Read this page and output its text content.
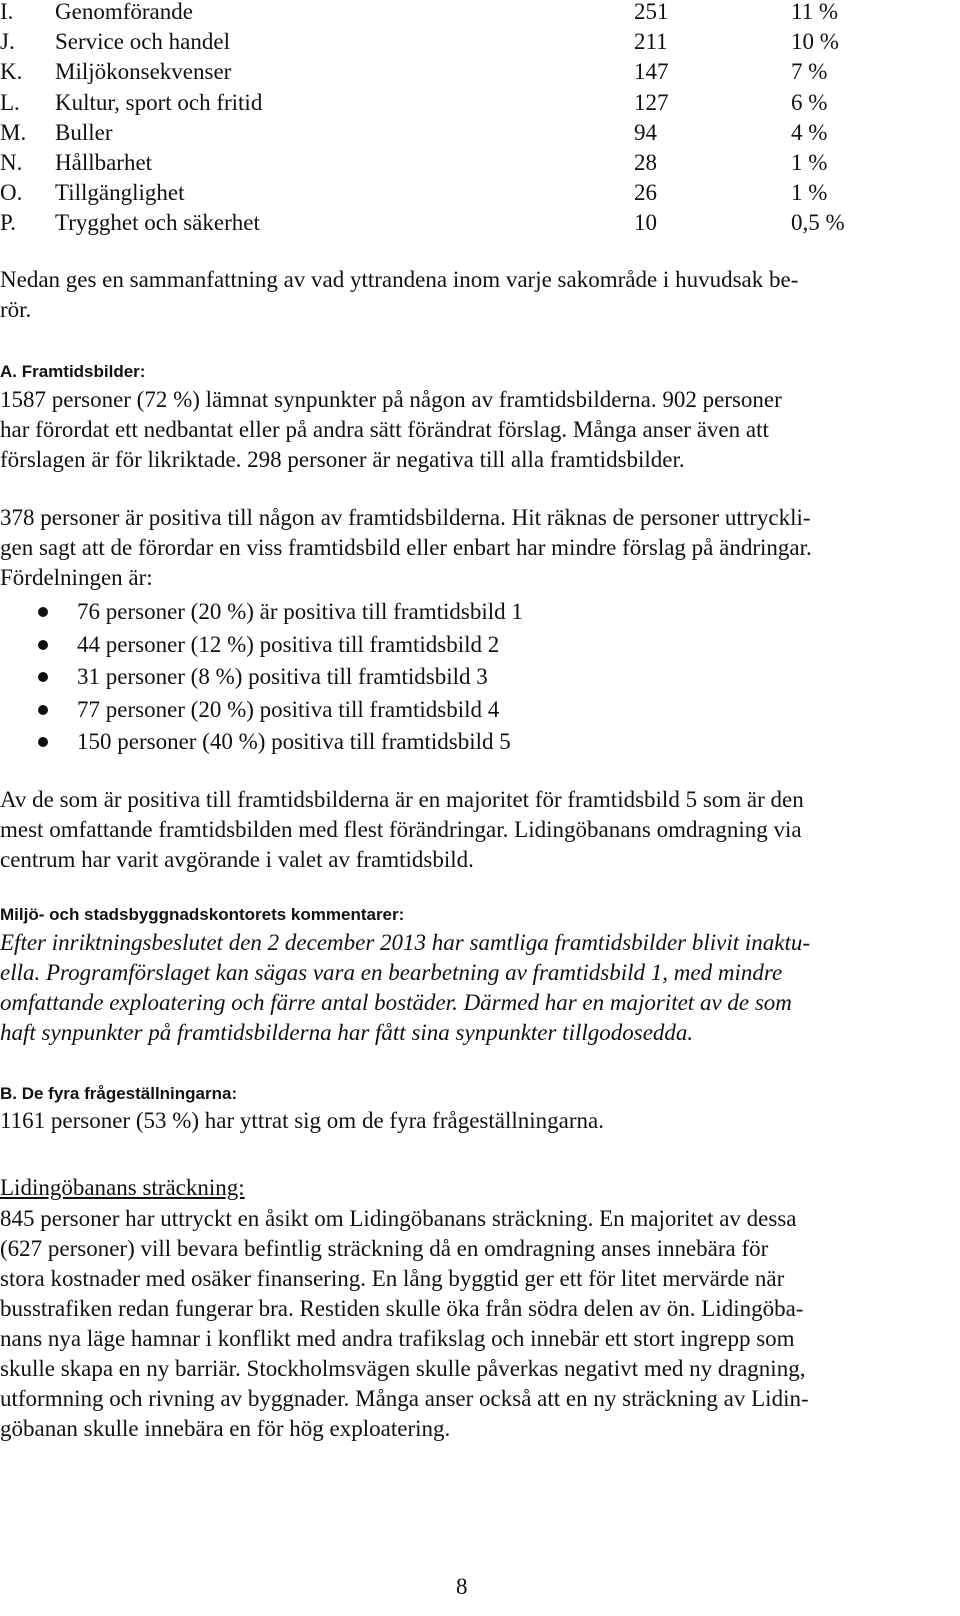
I. Genomförande	251	11 %
J. Service och handel	211	10 %
K. Miljökonsekvenser	147	7 %
L. Kultur, sport och fritid	127	6 %
M. Buller	94	4 %
N. Hållbarhet	28	1 %
O. Tillgänglighet	26	1 %
P. Trygghet och säkerhet	10	0,5 %

Nedan ges en sammanfattning av vad yttrandena inom varje sakområde i huvudsak be-
rör.

A. Framtidsbilder:

1587 personer (72 %) lämnat synpunkter på någon av framtidsbilderna. 902 personer
har förordat ett nedbantat eller på andra sätt förändrat förslag. Många anser även att
förslagen är för likriktade. 298 personer är negativa till alla framtidsbilder.

378 personer är positiva till någon av framtidsbilderna. Hit räknas de personer uttryckli-
gen sagt att de förordar en viss framtidsbild eller enbart har mindre förslag på ändringar.
Fördelningen är:

76 personer (20 %) är positiva till framtidsbild 1
44 personer (12 %) positiva till framtidsbild 2
31 personer (8 %) positiva till framtidsbild 3
77 personer (20 %) positiva till framtidsbild 4
150 personer (40 %) positiva till framtidsbild 5

Av de som är positiva till framtidsbilderna är en majoritet för framtidsbild 5 som är den
mest omfattande framtidsbilden med flest förändringar. Lidingöbanans omdragning via
centrum har varit avgörande i valet av framtidsbild.

Miljö- och stadsbyggnadskontorets kommentarer:

Efter inriktningsbeslutet den 2 december 2013 har samtliga framtidsbilder blivit inaktu-
ella. Programförslaget kan sägas vara en bearbetning av framtidsbild 1, med mindre
omfattande exploatering och färre antal bostäder. Därmed har en majoritet av de som
haft synpunkter på framtidsbilderna har fått sina synpunkter tillgodosedda.

B. De fyra frågeställningarna:

1161 personer (53 %) har yttrat sig om de fyra frågeställningarna.

Lidingöbanans sträckning:

845 personer har uttryckt en åsikt om Lidingöbanans sträckning. En majoritet av dessa
(627 personer) vill bevara befintlig sträckning då en omdragning anses innebära för
stora kostnader med osäker finansering. En lång byggtid ger ett för litet mervärde när
busstrafiken redan fungerar bra. Restiden skulle öka från södra delen av ön. Lidingöba-
nans nya läge hamnar i konflikt med andra trafikslag och innebär ett stort ingrepp som
skulle skapa en ny barriär. Stockholmsvägen skulle påverkas negativt med ny dragning,
utformning och rivning av byggnader. Många anser också att en ny sträckning av Lidin-
göbanan skulle innebära en för hög exploatering.

8
